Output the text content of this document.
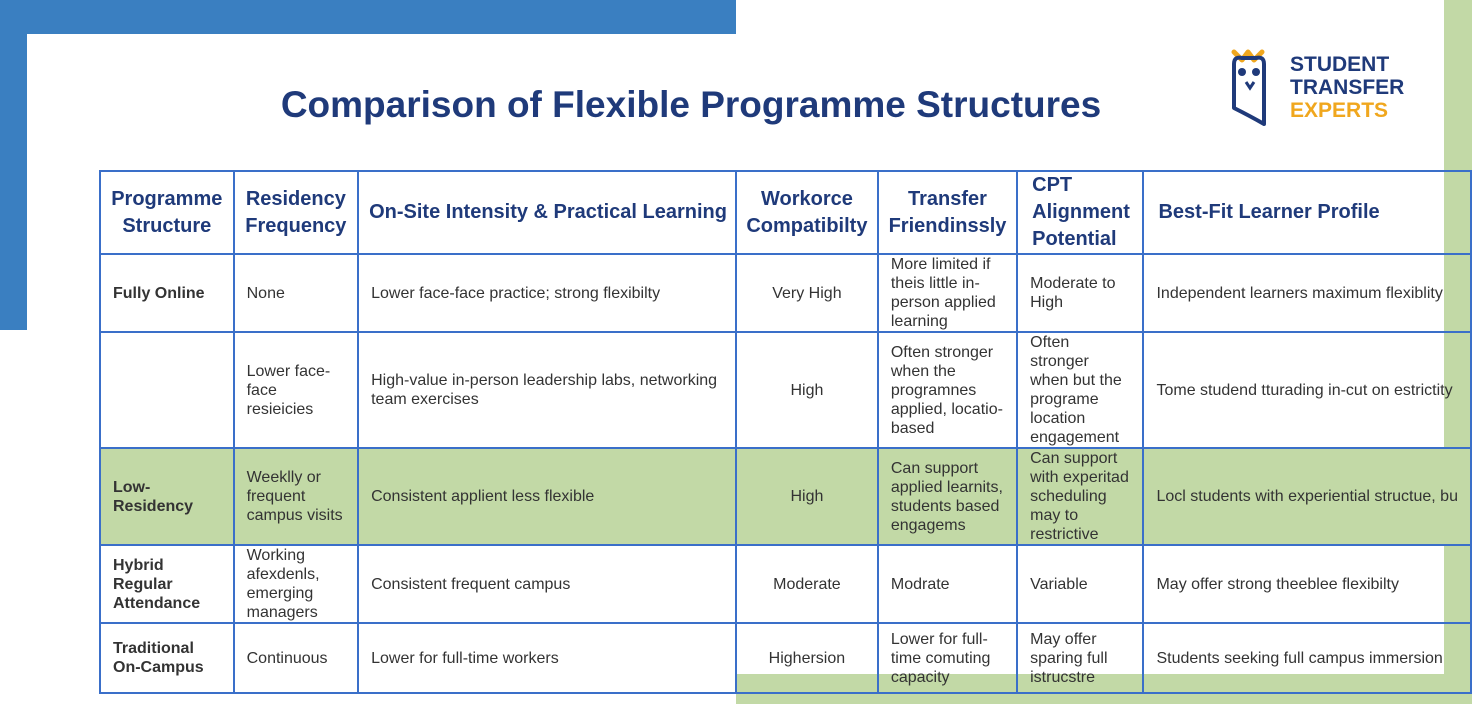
Comparison of Flexible Programme Structures
STUDENT
TRANSFER
EXPERTS
Programme Structure	Residency Frequency	On-Site Intensity & Practical Learning	Workorce Compatibilty	Transfer Friendinssly	CPT Alignment Potential	Best-Fit Learner Profile
Fully Online	None	Lower face-face practice; strong flexibilty	Very High	More limited if theis little in-person applied learning	Moderate to High	Independent learners maximum flexiblity
	Lower face-face resieicies	High-value in-person leadership labs, networking team exercises	High	Often stronger when the programnes applied, locatio-based	Often stronger when but the programe location engagement	Tome studend tturading in-cut on estrictity
Low-Residency	Weeklly or frequent campus visits	Consistent applient less flexible	High	Can support applied learnits, students based engagems	Can support with experitad scheduling may to restrictive	Locl students with experiential structue, bu
Hybrid Regular Attendance	Working afexdenls, emerging managers	Consistent frequent campus	Moderate	Modrate	Variable	May offer strong theeblee flexibilty
Traditional On-Campus	Continuous	Lower for full-time workers	Highersion	Lower for full-time comuting capacity	May offer sparing full istrucstre	Students seeking full campus immersion
